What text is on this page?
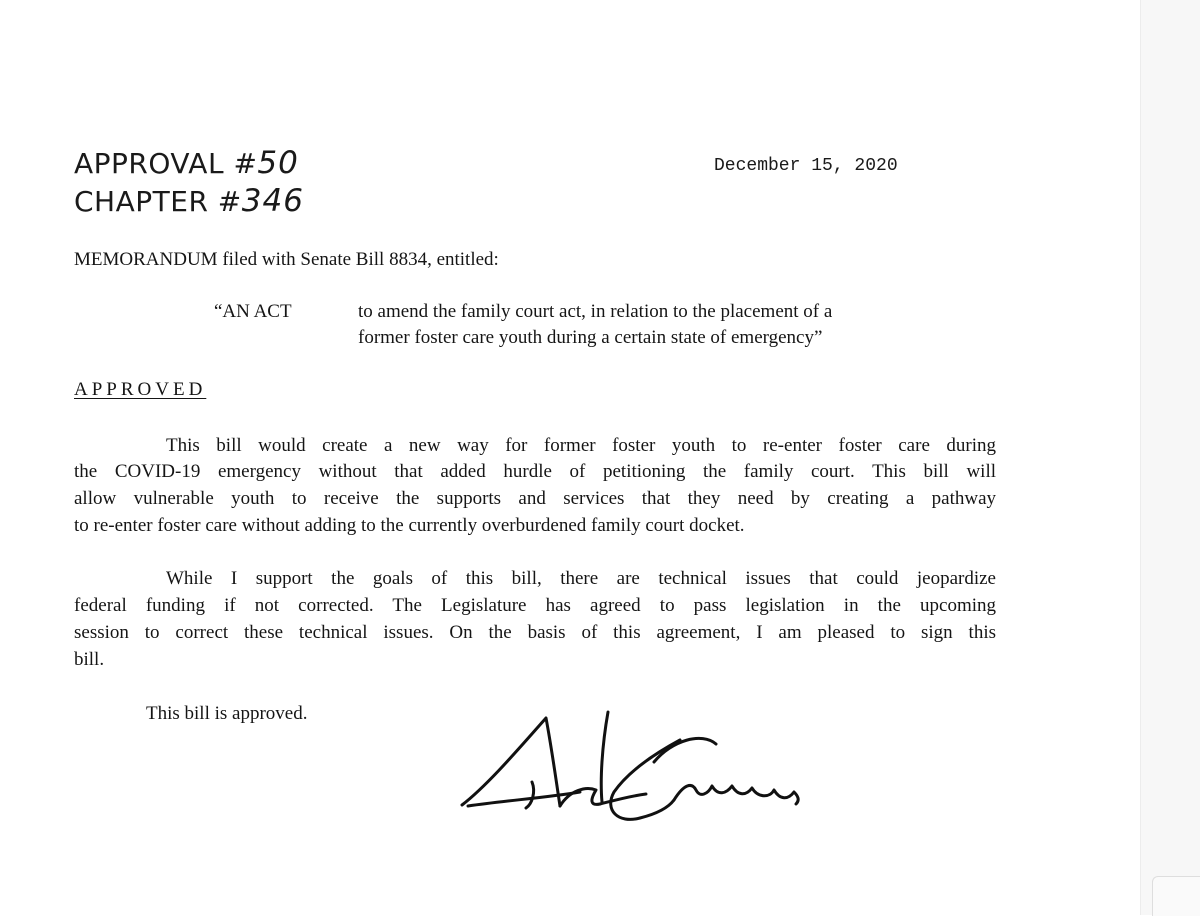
APPROVAL #50
CHAPTER #346
December 15, 2020
MEMORANDUM filed with Senate Bill 8834, entitled:
“AN ACT	to amend the family court act, in relation to the placement of a
former foster care youth during a certain state of emergency”
APPROVED
This bill would create a new way for former foster youth to re-enter foster care during
the COVID-19 emergency without that added hurdle of petitioning the family court. This bill will
allow vulnerable youth to receive the supports and services that they need by creating a pathway
to re-enter foster care without adding to the currently overburdened family court docket.
While I support the goals of this bill, there are technical issues that could jeopardize
federal funding if not corrected. The Legislature has agreed to pass legislation in the upcoming
session to correct these technical issues. On the basis of this agreement, I am pleased to sign this
bill.
This bill is approved.
